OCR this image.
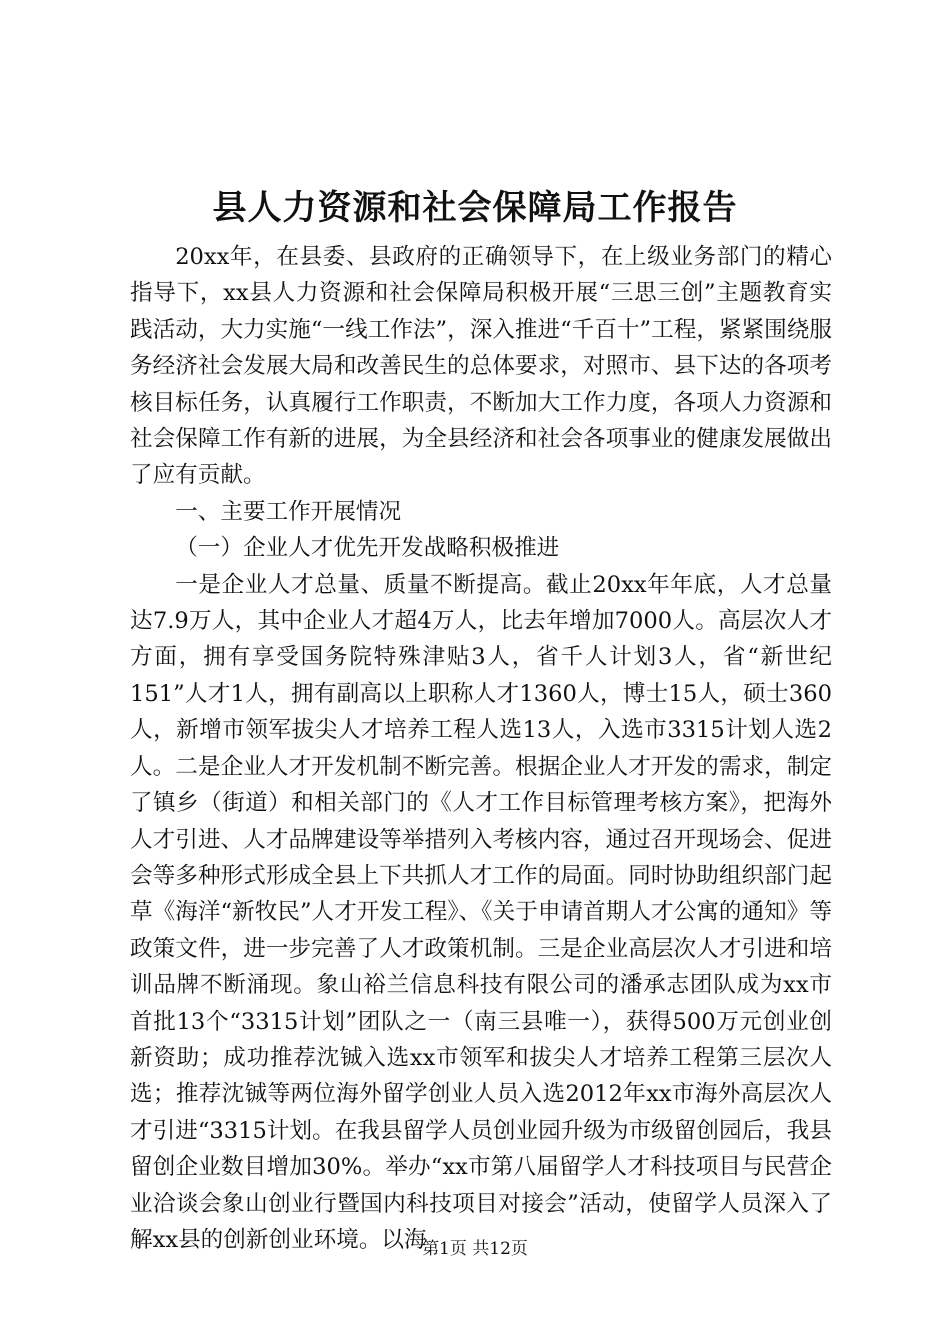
县人力资源和社会保障局工作报告

20xx年，在县委、县政府的正确领导下，在上级业务部门的精心指导下，xx县人力资源和社会保障局积极开展“三思三创”主题教育实践活动，大力实施“一线工作法”，深入推进“千百十”工程，紧紧围绕服务经济社会发展大局和改善民生的总体要求，对照市、县下达的各项考核目标任务，认真履行工作职责，不断加大工作力度，各项人力资源和社会保障工作有新的进展，为全县经济和社会各项事业的健康发展做出了应有贡献。

一、主要工作开展情况

（一）企业人才优先开发战略积极推进

一是企业人才总量、质量不断提高。截止20xx年年底，人才总量达7.9万人，其中企业人才超4万人，比去年增加7000人。高层次人才方面，拥有享受国务院特殊津贴3人，省千人计划3人，省“新世纪151”人才1人，拥有副高以上职称人才1360人，博士15人，硕士360人，新增市领军拔尖人才培养工程人选13人，入选市3315计划人选2人。二是企业人才开发机制不断完善。根据企业人才开发的需求，制定了镇乡（街道）和相关部门的《人才工作目标管理考核方案》，把海外人才引进、人才品牌建设等举措列入考核内容，通过召开现场会、促进会等多种形式形成全县上下共抓人才工作的局面。同时协助组织部门起草《海洋“新牧民”人才开发工程》、《关于申请首期人才公寓的通知》等政策文件，进一步完善了人才政策机制。三是企业高层次人才引进和培训品牌不断涌现。象山裕兰信息科技有限公司的潘承志团队成为xx市首批13个“3315计划”团队之一（南三县唯一），获得500万元创业创新资助；成功推荐沈铖入选xx市领军和拔尖人才培养工程第三层次人选；推荐沈铖等两位海外留学创业人员入选2012年xx市海外高层次人才引进“3315计划。在我县留学人员创业园升级为市级留创园后，我县留创企业数目增加30%。举办“xx市第八届留学人才科技项目与民营企业洽谈会象山创业行暨国内科技项目对接会”活动，使留学人员深入了解xx县的创新创业环境。以海

第1页 共12页
